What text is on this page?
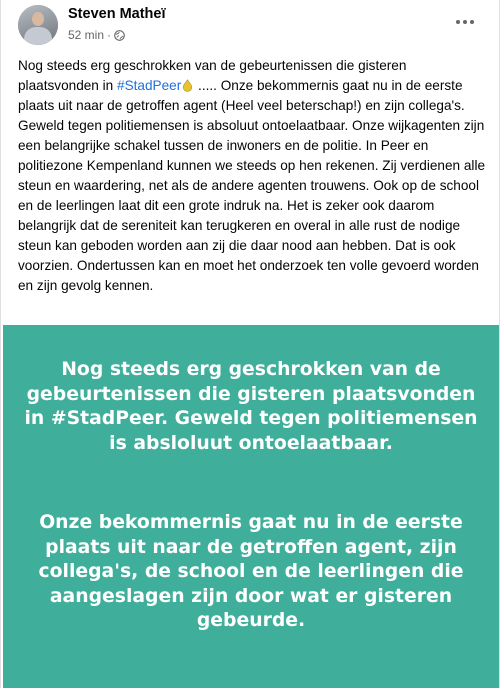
Steven Matheï
52 min ·

Nog steeds erg geschrokken van de gebeurtenissen die gisteren plaatsvonden in #StadPeer ..... Onze bekommernis gaat nu in de eerste plaats uit naar de getroffen agent (Heel veel beterschap!) en zijn collega's. Geweld tegen politiemensen is absoluut ontoelaatbaar. Onze wijkagenten zijn een belangrijke schakel tussen de inwoners en de politie. In Peer en politiezone Kempenland kunnen we steeds op hen rekenen. Zij verdienen alle steun en waardering, net als de andere agenten trouwens. Ook op de school en de leerlingen laat dit een grote indruk na. Het is zeker ook daarom belangrijk dat de sereniteit kan terugkeren en overal in alle rust de nodige steun kan geboden worden aan zij die daar nood aan hebben. Dat is ook voorzien. Ondertussen kan en moet het onderzoek ten volle gevoerd worden en zijn gevolg kennen.

Nog steeds erg geschrokken van de gebeurtenissen die gisteren plaatsvonden in #StadPeer. Geweld tegen politiemensen is absloluut ontoelaatbaar.
Onze bekommernis gaat nu in de eerste plaats uit naar de getroffen agent, zijn collega's, de school en de leerlingen die aangeslagen zijn door wat er gisteren gebeurde.
